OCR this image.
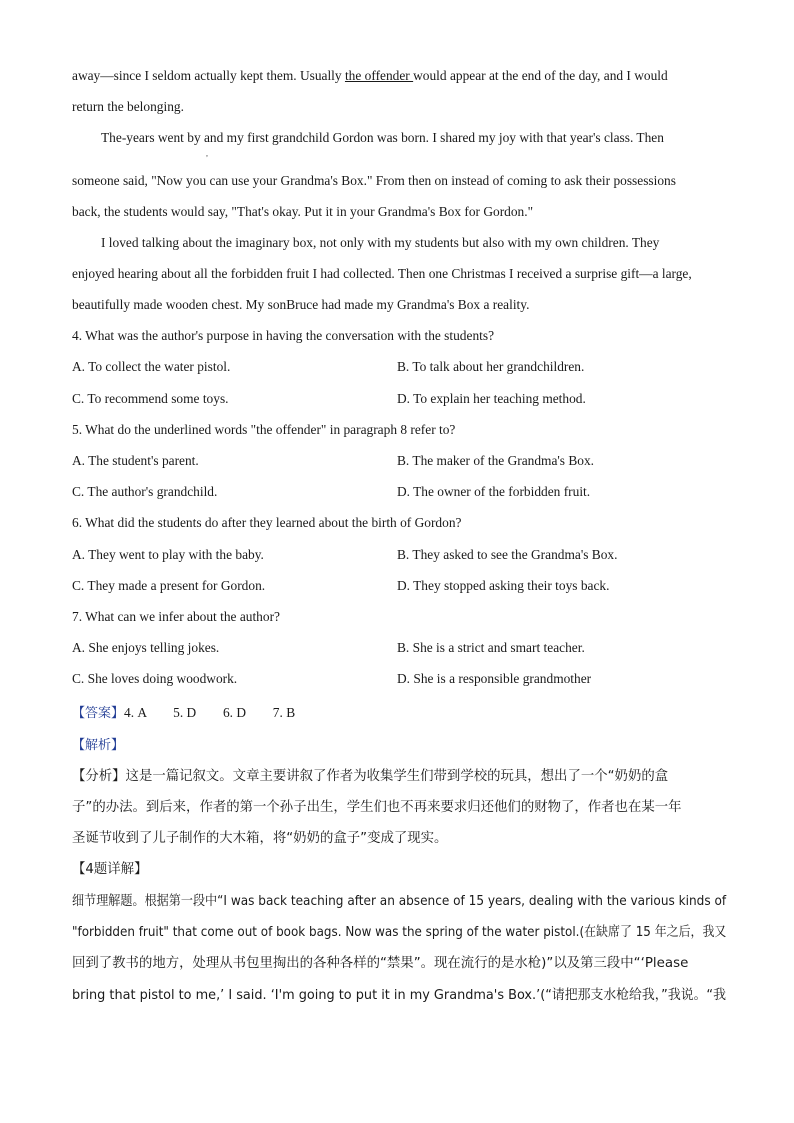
away—since I seldom actually kept them. Usually the offender would appear at the end of the day, and I would
return the belonging.
The-years went by and my first grandchild Gordon was born. I shared my joy with that year's class. Then
,
someone said, "Now you can use your Grandma's Box." From then on instead of coming to ask their possessions
back, the students would say, "That's okay. Put it in your Grandma's Box for Gordon."
I loved talking about the imaginary box, not only with my students but also with my own children. They
enjoyed hearing about all the forbidden fruit I had collected. Then one Christmas I received a surprise gift—a large,
beautifully made wooden chest. My sonBruce had made my Grandma's Box a reality.
4. What was the author's purpose in having the conversation with the students?
A. To collect the water pistol.	B. To talk about her grandchildren.
C. To recommend some toys.	D. To explain her teaching method.
5. What do the underlined words "the offender" in paragraph 8 refer to?
A. The student's parent.	B. The maker of the Grandma's Box.
C. The author's grandchild.	D. The owner of the forbidden fruit.
6. What did the students do after they learned about the birth of Gordon?
A. They went to play with the baby.	B. They asked to see the Grandma's Box.
C. They made a present for Gordon.	D. They stopped asking their toys back.
7. What can we infer about the author?
A. She enjoys telling jokes.	B. She is a strict and smart teacher.
C. She loves doing woodwork.	D. She is a responsible grandmother
【答案】4. A        5. D        6. D        7. B
【解析】
【分析】这是一篇记叙文。文章主要讲叙了作者为收集学生们带到学校的玩具，想出了一个“奶奶的盒
子”的办法。到后来，作者的第一个孙子出生，学生们也不再来要求归还他们的财物了，作者也在某一年
圣诞节收到了儿子制作的大木箱，将“奶奶的盒子”变成了现实。
【4题详解】
细节理解题。根据第一段中“I was back teaching after an absence of 15 years, dealing with the various kinds of
"forbidden fruit" that come out of book bags. Now was the spring of the water pistol.(在缺席了 15 年之后，我又
回到了教书的地方，处理从书包里掏出的各种各样的“禁果”。现在流行的是水枪)”以及第三段中“‘Please
bring that pistol to me,’ I said. ‘I'm going to put it in my Grandma's Box.’(“请把那支水枪给我，”我说。“我
